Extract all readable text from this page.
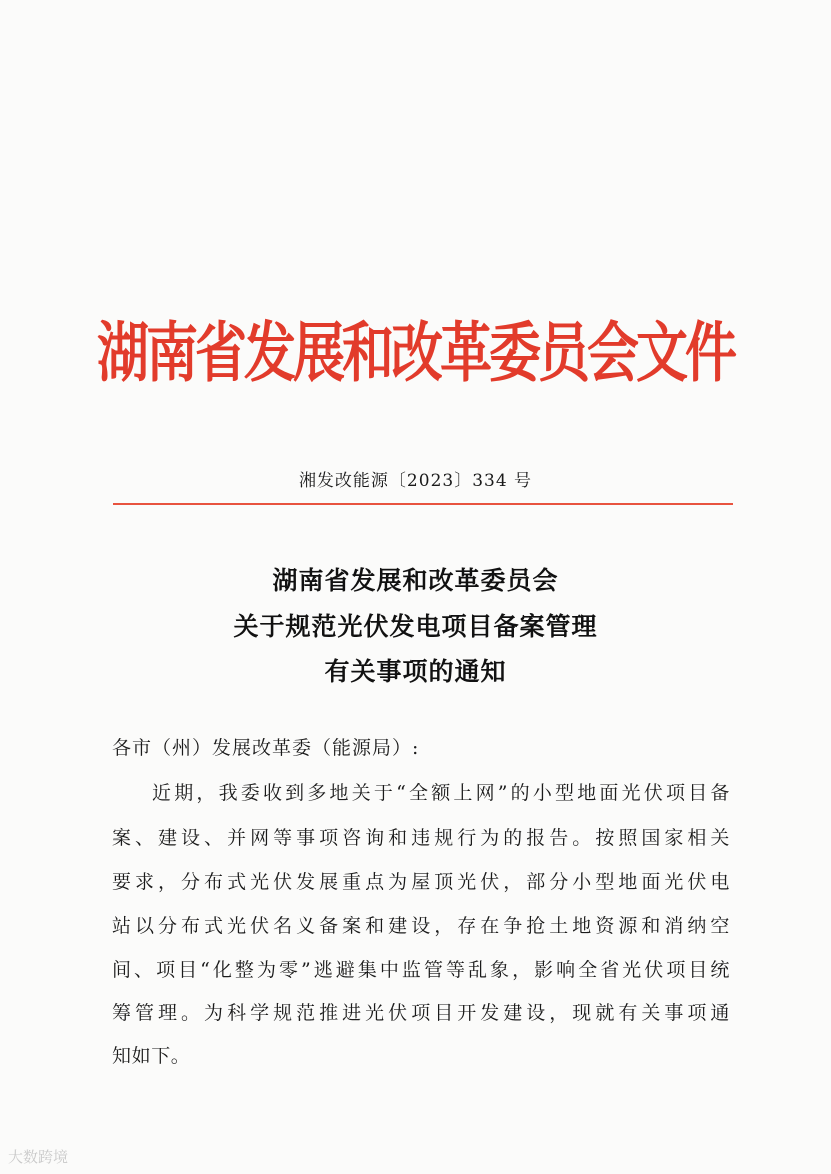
湖南省发展和改革委员会文件
湘发改能源〔2023〕334 号
湖南省发展和改革委员会
关于规范光伏发电项目备案管理
有关事项的通知
各市（州）发展改革委（能源局）:
近期，我委收到多地关于“全额上网”的小型地面光伏项目备
案、建设、并网等事项咨询和违规行为的报告。按照国家相关
要求，分布式光伏发展重点为屋顶光伏，部分小型地面光伏电
站以分布式光伏名义备案和建设，存在争抢土地资源和消纳空
间、项目“化整为零”逃避集中监管等乱象，影响全省光伏项目统
筹管理。为科学规范推进光伏项目开发建设，现就有关事项通
知如下。
大数跨境
